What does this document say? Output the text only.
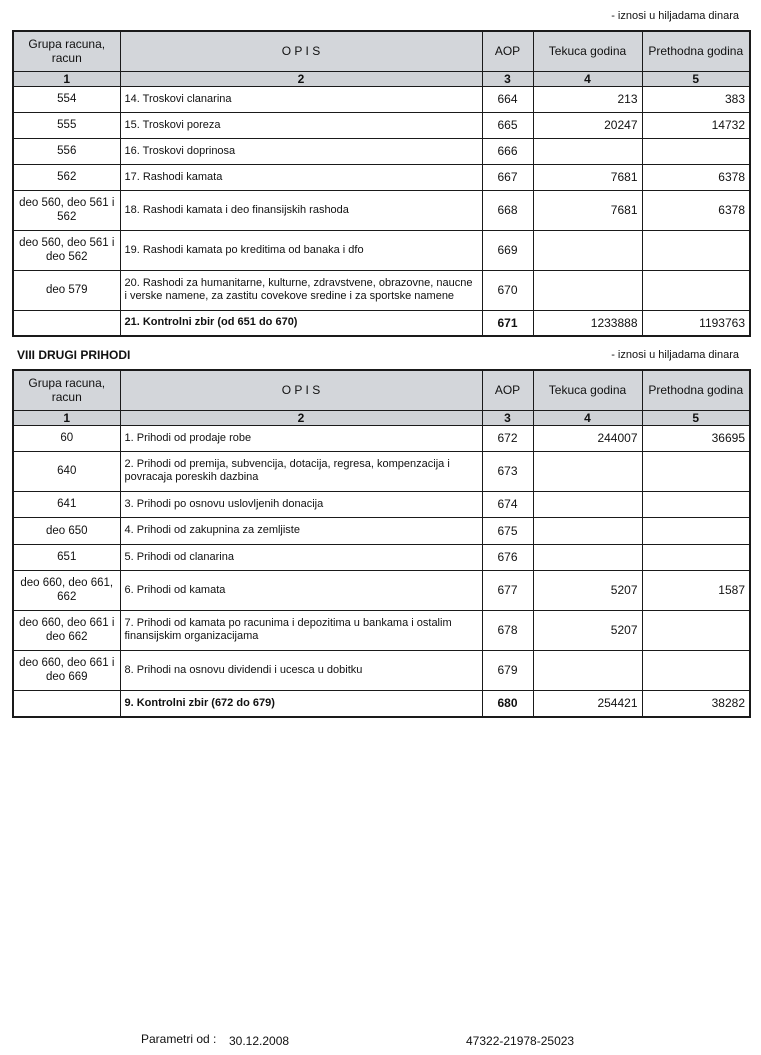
- iznosi u hiljadama dinara
Grupa racuna, racun	O P I S	AOP	Tekuca godina	Prethodna godina
1	2	3	4	5
554	14. Troskovi clanarina	664	213	383
555	15. Troskovi poreza	665	20247	14732
556	16. Troskovi doprinosa	666		
562	17. Rashodi kamata	667	7681	6378
deo 560, deo 561 i 562	18. Rashodi kamata i deo finansijskih rashoda	668	7681	6378
deo 560, deo 561 i deo 562	19. Rashodi kamata po kreditima od banaka i dfo	669		
deo 579	20. Rashodi za humanitarne, kulturne, zdravstvene, obrazovne, naucne i verske namene, za zastitu covekove sredine i za sportske namene	670		
	21. Kontrolni zbir (od 651 do 670)	671	1233888	1193763
VIII DRUGI PRIHODI	- iznosi u hiljadama dinara
Grupa racuna, racun	O P I S	AOP	Tekuca godina	Prethodna godina
1	2	3	4	5
60	1. Prihodi od prodaje robe	672	244007	36695
640	2. Prihodi od premija, subvencija, dotacija, regresa, kompenzacija i povracaja poreskih dazbina	673		
641	3. Prihodi po osnovu uslovljenih donacija	674		
deo 650	4. Prihodi od zakupnina za zemljiste	675		
651	5. Prihodi od clanarina	676		
deo 660, deo 661, 662	6. Prihodi od kamata	677	5207	1587
deo 660, deo 661 i deo 662	7. Prihodi od kamata po racunima i depozitima u bankama i ostalim finansijskim organizacijama	678	5207	
deo 660, deo 661 i deo 669	8. Prihodi na osnovu dividendi i ucesca u dobitku	679		
	9. Kontrolni zbir (672 do 679)	680	254421	38282
Parametri od : 30.12.2008	47322-21978-25023
